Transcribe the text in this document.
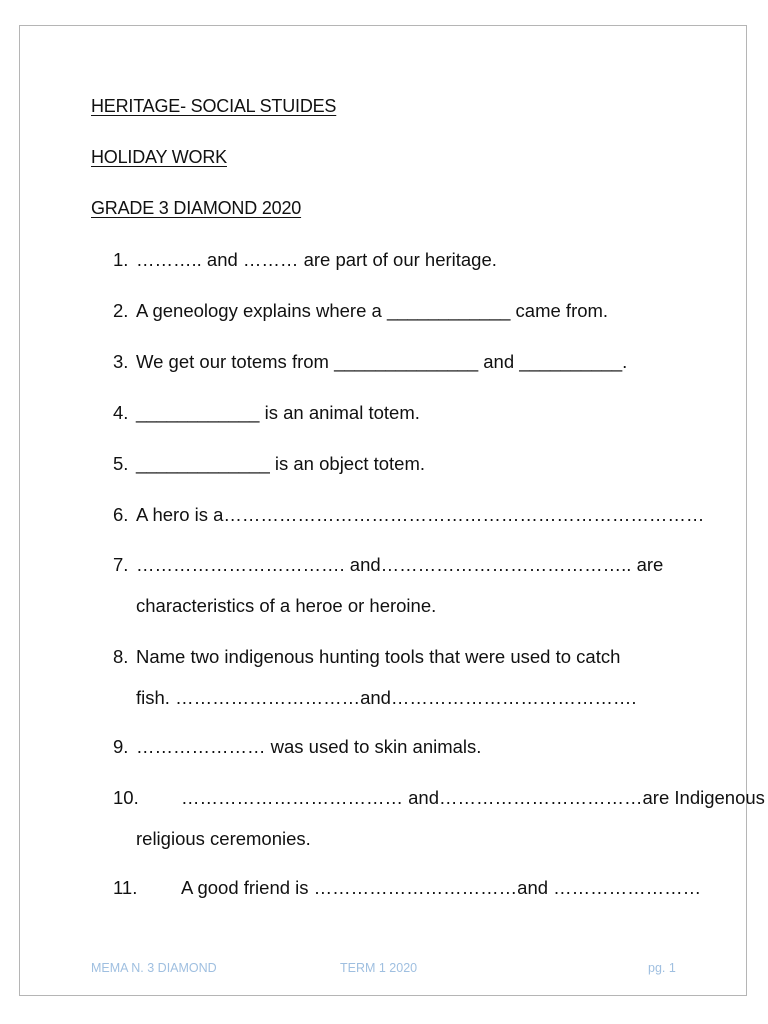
HERITAGE- SOCIAL STUIDES
HOLIDAY WORK
GRADE 3 DIAMOND 2020
1. ……….. and ……… are part of our heritage.
2. A geneology explains where a ____________ came from.
3. We get our totems from ______________ and __________.
4. ____________ is an animal totem.
5. _____________ is an object totem.
6. A hero is a……………………………………………………………………
7. ……………………………. and………………………………….. are
characteristics of a heroe or heroine.
8. Name two indigenous hunting tools that were used to catch
fish. …………………………and………………………………….
9. ………………… was used to skin animals.
10. ……………………………… and……………………………are Indigenous
religious ceremonies.
11. A good friend is ……………………………and ……………………
MEMA N. 3 DIAMOND	TERM 1 2020	pg. 1
